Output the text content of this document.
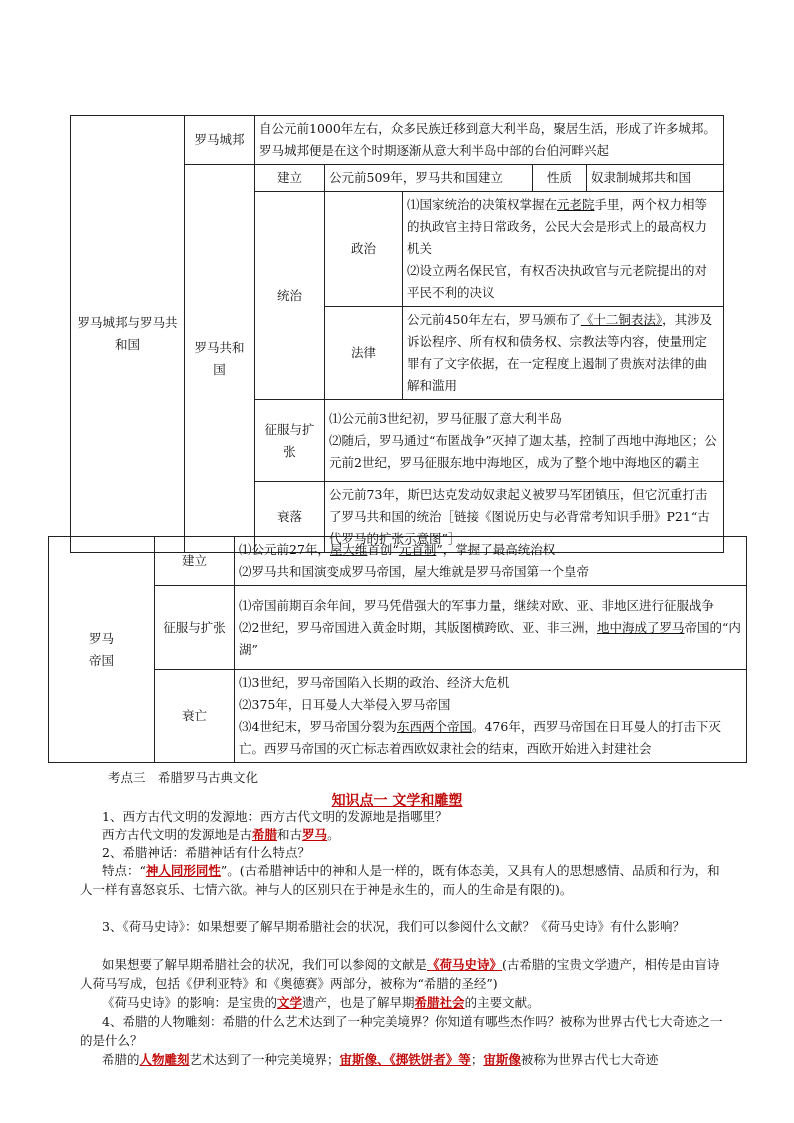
罗马城邦与罗马共和国	罗马城邦	自公元前1000年左右，众多民族迁移到意大利半岛，聚居生活，形成了许多城邦。罗马城邦便是在这个时期逐渐从意大利半岛中部的台伯河畔兴起				
	罗马共和国	建立	公元前509年，罗马共和国建立		性质	奴隶制城邦共和国
		统治	政治	⑴国家统治的决策权掌握在元老院手里，两个权力相等的执政官主持日常政务，公民大会是形式上的最高权力机关
⑵设立两名保民官，有权否决执政官与元老院提出的对平民不利的决议		

			法律	公元前450年左右，罗马颁布了《十二铜表法》，其涉及诉讼程序、所有权和债务权、宗教法等内容，使量刑定罪有了文字依据，在一定程度上遏制了贵族对法律的曲解和滥用		
		征服与扩张	⑴公元前3世纪初，罗马征服了意大利半岛
⑵随后，罗马通过“布匿战争”灭掉了迦太基，控制了西地中海地区；公元前2世纪，罗马征服东地中海地区，成为了整个地中海地区的霸主			

		衰落	公元前73年，斯巴达克发动奴隶起义被罗马军团镇压，但它沉重打击了罗马共和国的统治［链接《图说历史与必背常考知识手册》P21“古代罗马的扩张示意图”］			
罗马帝国	建立	⑴公元前27年，屋大维首创“元首制”，掌握了最高统治权
⑵罗马共和国演变成罗马帝国，屋大维就是罗马帝国第一个皇帝

	征服与扩张	⑴帝国前期百余年间，罗马凭借强大的军事力量，继续对欧、亚、非地区进行征服战争
⑵2世纪，罗马帝国进入黄金时期，其版图横跨欧、亚、非三洲，地中海成了罗马帝国的“内湖”

	衰亡	⑴3世纪，罗马帝国陷入长期的政治、经济大危机
⑵375年，日耳曼人大举侵入罗马帝国
⑶4世纪末，罗马帝国分裂为东西两个帝国。476年，西罗马帝国在日耳曼人的打击下灭亡。西罗马帝国的灭亡标志着西欧奴隶社会的结束，西欧开始进入封建社会
考点三　希腊罗马古典文化
知识点一 文学和雕塑
1、西方古代文明的发源地：西方古代文明的发源地是指哪里？
西方古代文明的发源地是古希腊和古罗马。
2、希腊神话：希腊神话有什么特点？
特点：“神人同形同性”。(古希腊神话中的神和人是一样的，既有体态美，又具有人的思想感情、品质和行为，和人一样有喜怒哀乐、七情六欲。神与人的区别只在于神是永生的，而人的生命是有限的)。
3、《荷马史诗》：如果想要了解早期希腊社会的状况，我们可以参阅什么文献？《荷马史诗》有什么影响？
如果想要了解早期希腊社会的状况，我们可以参阅的文献是《荷马史诗》(古希腊的宝贵文学遗产，相传是由盲诗人荷马写成，包括《伊利亚特》和《奥德赛》两部分，被称为“希腊的圣经”)
《荷马史诗》的影响：是宝贵的文学遗产，也是了解早期希腊社会的主要文献。
4、希腊的人物雕刻：希腊的什么艺术达到了一种完美境界？你知道有哪些杰作吗？被称为世界古代七大奇迹之一的是什么？
希腊的人物雕刻艺术达到了一种完美境界；宙斯像、《掷铁饼者》等；宙斯像被称为世界古代七大奇迹
